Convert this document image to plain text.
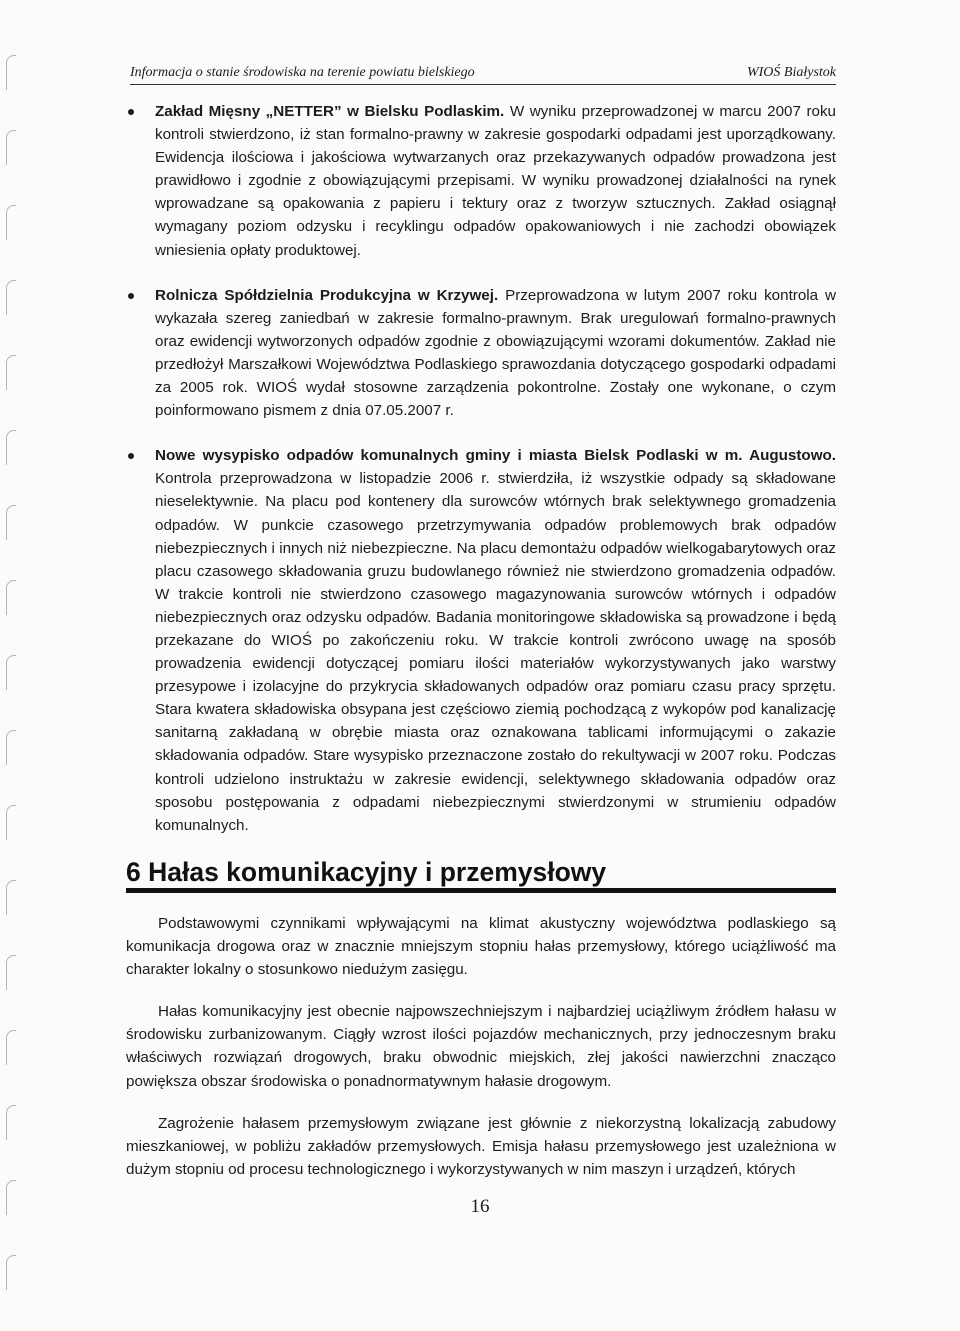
Informacja o stanie środowiska na terenie powiatu bielskiego	WIOŚ Białystok
Zakład Mięsny „NETTER” w Bielsku Podlaskim. W wyniku przeprowadzonej w marcu 2007 roku kontroli stwierdzono, iż stan formalno-prawny w zakresie gospodarki odpadami jest uporządkowany. Ewidencja ilościowa i jakościowa wytwarzanych oraz przekazywanych odpadów prowadzona jest prawidłowo i zgodnie z obowiązującymi przepisami. W wyniku prowadzonej działalności na rynek wprowadzane są opakowania z papieru i tektury oraz z tworzyw sztucznych. Zakład osiągnął wymagany poziom odzysku i recyklingu odpadów opakowaniowych i nie zachodzi obowiązek wniesienia opłaty produktowej.
Rolnicza Spółdzielnia Produkcyjna w Krzywej. Przeprowadzona w lutym 2007 roku kontrola w wykazała szereg zaniedbań w zakresie formalno-prawnym. Brak uregulowań formalno-prawnych oraz ewidencji wytworzonych odpadów zgodnie z obowiązującymi wzorami dokumentów. Zakład nie przedłożył Marszałkowi Województwa Podlaskiego sprawozdania dotyczącego gospodarki odpadami za 2005 rok. WIOŚ wydał stosowne zarządzenia pokontrolne. Zostały one wykonane, o czym poinformowano pismem z dnia 07.05.2007 r.
Nowe wysypisko odpadów komunalnych gminy i miasta Bielsk Podlaski w m. Augustowo. Kontrola przeprowadzona w listopadzie 2006 r. stwierdziła, iż wszystkie odpady są składowane nieselektywnie. Na placu pod kontenery dla surowców wtórnych brak selektywnego gromadzenia odpadów. W punkcie czasowego przetrzymywania odpadów problemowych brak odpadów niebezpiecznych i innych niż niebezpieczne. Na placu demontażu odpadów wielkogabarytowych oraz placu czasowego składowania gruzu budowlanego również nie stwierdzono gromadzenia odpadów. W trakcie kontroli nie stwierdzono czasowego magazynowania surowców wtórnych i odpadów niebezpiecznych oraz odzysku odpadów. Badania monitoringowe składowiska są prowadzone i będą przekazane do WIOŚ po zakończeniu roku. W trakcie kontroli zwrócono uwagę na sposób prowadzenia ewidencji dotyczącej pomiaru ilości materiałów wykorzystywanych jako warstwy przesypowe i izolacyjne do przykrycia składowanych odpadów oraz pomiaru czasu pracy sprzętu. Stara kwatera składowiska obsypana jest częściowo ziemią pochodzącą z wykopów pod kanalizację sanitarną zakładaną w obrębie miasta oraz oznakowana tablicami informującymi o zakazie składowania odpadów. Stare wysypisko przeznaczone zostało do rekultywacji w 2007 roku. Podczas kontroli udzielono instruktażu w zakresie ewidencji, selektywnego składowania odpadów oraz sposobu postępowania z odpadami niebezpiecznymi stwierdzonymi w strumieniu odpadów komunalnych.
6 Hałas komunikacyjny i przemysłowy

Podstawowymi czynnikami wpływającymi na klimat akustyczny województwa podlaskiego są komunikacja drogowa oraz w znacznie mniejszym stopniu hałas przemysłowy, którego uciążliwość ma charakter lokalny o stosunkowo niedużym zasięgu.

Hałas komunikacyjny jest obecnie najpowszechniejszym i najbardziej uciążliwym źródłem hałasu w środowisku zurbanizowanym. Ciągły wzrost ilości pojazdów mechanicznych, przy jednoczesnym braku właściwych rozwiązań drogowych, braku obwodnic miejskich, złej jakości nawierzchni znacząco powiększa obszar środowiska o ponadnormatywnym hałasie drogowym.

Zagrożenie hałasem przemysłowym związane jest głównie z niekorzystną lokalizacją zabudowy mieszkaniowej, w pobliżu zakładów przemysłowych. Emisja hałasu przemysłowego jest uzależniona w dużym stopniu od procesu technologicznego i wykorzystywanych w nim maszyn i urządzeń, których

16
